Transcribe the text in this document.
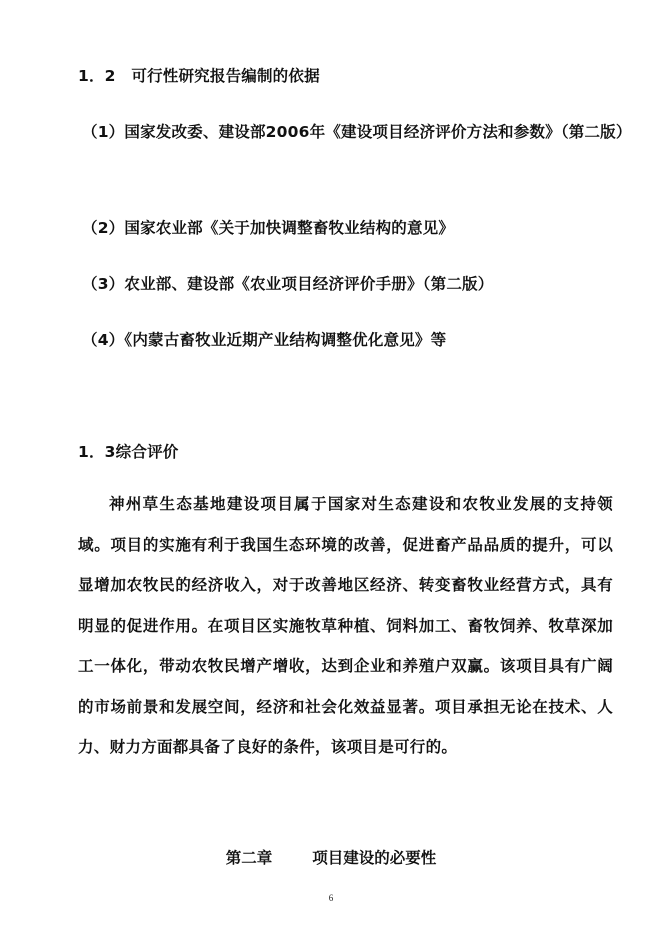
1．2　可行性研究报告编制的依据
（1）国家发改委、建设部2006年《建设项目经济评价方法和参数》（第二版）
（2）国家农业部《关于加快调整畜牧业结构的意见》
（3）农业部、建设部《农业项目经济评价手册》（第二版）
（4）《内蒙古畜牧业近期产业结构调整优化意见》等
1．3综合评价
神州草生态基地建设项目属于国家对生态建设和农牧业发展的支持领域。项目的实施有利于我国生态环境的改善，促进畜产品品质的提升，可以显增加农牧民的经济收入，对于改善地区经济、转变畜牧业经营方式，具有明显的促进作用。在项目区实施牧草种植、饲料加工、畜牧饲养、牧草深加工一体化，带动农牧民增产增收，达到企业和养殖户双赢。该项目具有广阔的市场前景和发展空间，经济和社会化效益显著。项目承担无论在技术、人力、财力方面都具备了良好的条件，该项目是可行的。
第二章	项目建设的必要性
6
